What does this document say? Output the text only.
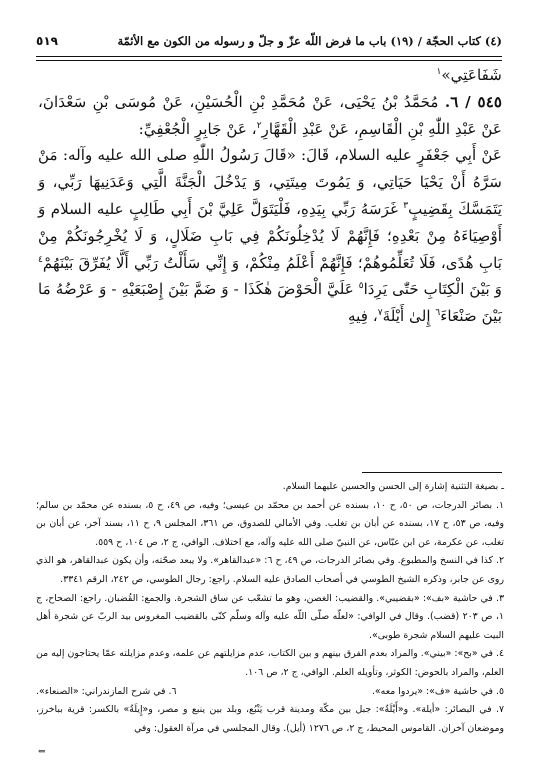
(٤) كتاب الحجّة / (١٩) باب ما فرض اللّه عزّ و جلّ و رسوله من الكون مع الأئمّة
٥١٩

شَفَاعَتِي»$^١$

٥٤٥ / ٦. مُحَمَّدُ بْنُ يَحْيَى، عَنْ مُحَمَّدِ بْنِ الْحُسَيْنِ، عَنْ مُوسَى بْنِ سَعْدَانَ، عَنْ عَبْدِ اللّٰهِ بْنِ الْقَاسِمِ، عَنْ عَبْدِ الْقَهَّارِ$^٢$، عَنْ جَابِرٍ الْجُعْفِيِّ:

عَنْ أَبِي جَعْفَرٍ عليه السلام، قَالَ: «قَالَ رَسُولُ اللّٰهِ صلى الله عليه وآله: مَنْ سَرَّهُ أَنْ يَحْيَا حَيَاتِي، وَ يَمُوتَ مِيتَتِي، وَ يَدْخُلَ الْجَنَّةَ الَّتِي وَعَدَنِيهَا رَبِّي، وَ يَتَمَسَّكَ بِقَضِيبٍ$^٣$ غَرَسَهُ رَبِّي بِيَدِهِ، فَلْيَتَوَلَّ عَلِيَّ بْنَ أَبِي طَالِبٍ عليه السلام وَ أَوْصِيَاءَهُ مِنْ بَعْدِهِ؛ فَإِنَّهُمْ لَا يُدْخِلُونَكُمْ فِي بَابِ ضَلَالٍ، وَ لَا يُخْرِجُونَكُمْ مِنْ بَابِ هُدًى، فَلَا تُعَلِّمُوهُمْ؛ فَإِنَّهُمْ أَعْلَمُ مِنْكُمْ، وَ إِنِّي سَأَلْتُ رَبِّي أَلَّا يُفَرِّقَ بَيْنَهُمْ$^٤$ وَ بَيْنَ الْكِتَابِ حَتّٰى يَرِدَا$^٥$ عَلَيَّ الْحَوْضَ هٰكَذَا - وَ ضَمَّ بَيْنَ إِصْبَعَيْهِ - وَ عَرْضُهُ مَا بَيْنَ صَنْعَاءَ$^٦$ إِلىٰ أَيْلَةَ$^٧$، فِيهِ

ـ بصيغة التثنية إشارة إلى الحسن والحسين عليهما السلام.

١. بصائر الدرجات، ص ٥٠، ح ١٠، بسنده عن أحمد بن محمّد بن عيسى؛ وفيه، ص ٤٩، ح ٥، بسنده عن محمّد بن سالم؛ وفيه، ص ٥٣، ح ١٧، بسنده عن أبان بن تغلب. وفي الأمالي للصدوق، ص ٣٦١، المجلس ٩، ح ١١، بسند آخر، عن أبان بن تغلب، عن عكرمة، عن ابن عبّاس، عن النبيّ صلى الله عليه وآله، مع اختلاف. الوافي، ج ٢، ص ١٠٤، ح ٥٥٩.

٢. كذا في النسخ والمطبوع. وفي بصائر الدرجات، ص ٤٩، ح ٦: «عبدالقاهر». ولا يبعد صحّته، وأن يكون عبدالقاهر، هو الذي روى عن جابر، وذكره الشيخ الطوسي في أصحاب الصادق عليه السلام. راجع: رجال الطوسي، ص ٢٤٢، الرقم ٣٣٤١.

٣. في حاشية «بف»: «بقضيبي». والقضيب: الغصن، وهو ما تشعّب عن ساق الشجرة. والجمع: القُضبان. راجع: الصحاح، ج ١، ص ٢٠٣ (قضب). وقال في الوافي: «لعلّه صلّى اللّه عليه وآله وسلّم كنّى بالقضيب المغروس بيد الربّ عن شجرة أهل البيت عليهم السلام شجرة طوبى».

٤. في «بح»: «بيني». والمراد بعدم الفرق بينهم و بين الكتاب، عدم مزايلتهم عن علمه، وعدم مزايلته عمّا يحتاجون إليه من العلم، والمراد بالحوض: الكوثر، وتأويله العلم. الوافي، ج ٢، ص ١٠٦.

٥. في حاشية «ف»: «يردوا معه».
٦. في شرح المازندراني: «الصنعاء».

٧. في البصائر: «أيلة». و«أَيْلَةُ»: جبل بين مكّة ومدينة قرب يَنْبُع، وبلد بين ينبع و مصر، و«إِيلَةُ» بالكسر: قرية بباخرز، وموضعان آخران. القاموس المحيط، ج ٢، ص ١٢٧٦ (أيل). وقال المجلسي في مرآة العقول: وفي

⇐
